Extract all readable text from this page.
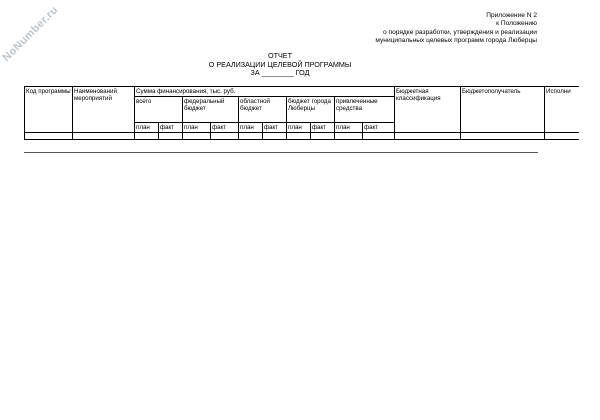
NoNumber.ru	Приложение N 2
к Положению
о порядке разработки, утверждения и реализации
муниципальных целевых программ города Люберцы
ОТЧЕТ
О РЕАЛИЗАЦИИ ЦЕЛЕВОЙ ПРОГРАММЫ
ЗА ________ ГОД
Код программы	Наименований мероприятий	Сумма финансирования, тыс. руб.										Бюджетная классификация	Бюджетополучатель	Исполни
		всего		федеральный бюджет		областной бюджет		бюджет города Люберцы		привлеченные средства				
		план	факт	план	факт	план	факт	план	факт	план	факт			
